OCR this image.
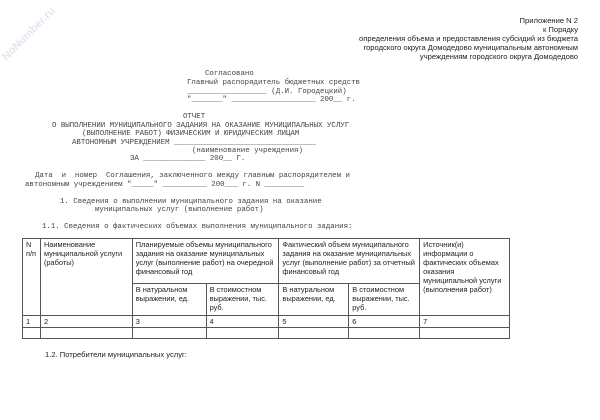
NoNumber.ru	Приложение N 2
к Порядку
определения объема и предоставления субсидий из бюджета
городского округа Домодедово муниципальным автономным
учреждениям городского округа Домодедово
Согласовано
Главный распорядитель бюджетных средств
__________________ (Д.И. Городецкий)
"_______" ___________________ 200__ г.
ОТЧЕТ
О ВЫПОЛНЕНИИ МУНИЦИПАЛЬНОГО ЗАДАНИЯ НА ОКАЗАНИЕ МУНИЦИПАЛЬНЫХ УСЛУГ
(ВЫПОЛНЕНИЕ РАБОТ) ФИЗИЧЕСКИМ И ЮРИДИЧЕСКИМ ЛИЦАМ
АВТОНОМНЫМ УЧРЕЖДЕНИЕМ ________________________________
(наименование учреждения)
ЗА ______________ 200__ Г.
Дата  и  номер  Соглашения, заключенного между главным распорядителем и
автономным учреждением "_____" __________ 200___ г. N _________
1. Сведения о выполнении муниципального задания на оказание
муниципальных услуг (выполнение работ)
1.1. Сведения о фактических объемах выполнения муниципального задания:
N п/п	Наименование муниципальной услуги (работы)	Планируемые объемы муниципального задания на оказание муниципальных услуг (выполнение работ) на очередной финансовый год		Фактический объем муниципального задания на оказание муниципальных услуг (выполнение работ) за отчетный финансовый год		Источник(и) информации о фактических объемах оказания муниципальной услуги (выполнения работ)
		В натуральном выражении, ед.	В стоимостном выражении, тыс. руб.	В натуральном выражении, ед.	В стоимостном выражении, тыс. руб.	
1	2	3	4	5	6	7

1.2. Потребители муниципальных услуг:
